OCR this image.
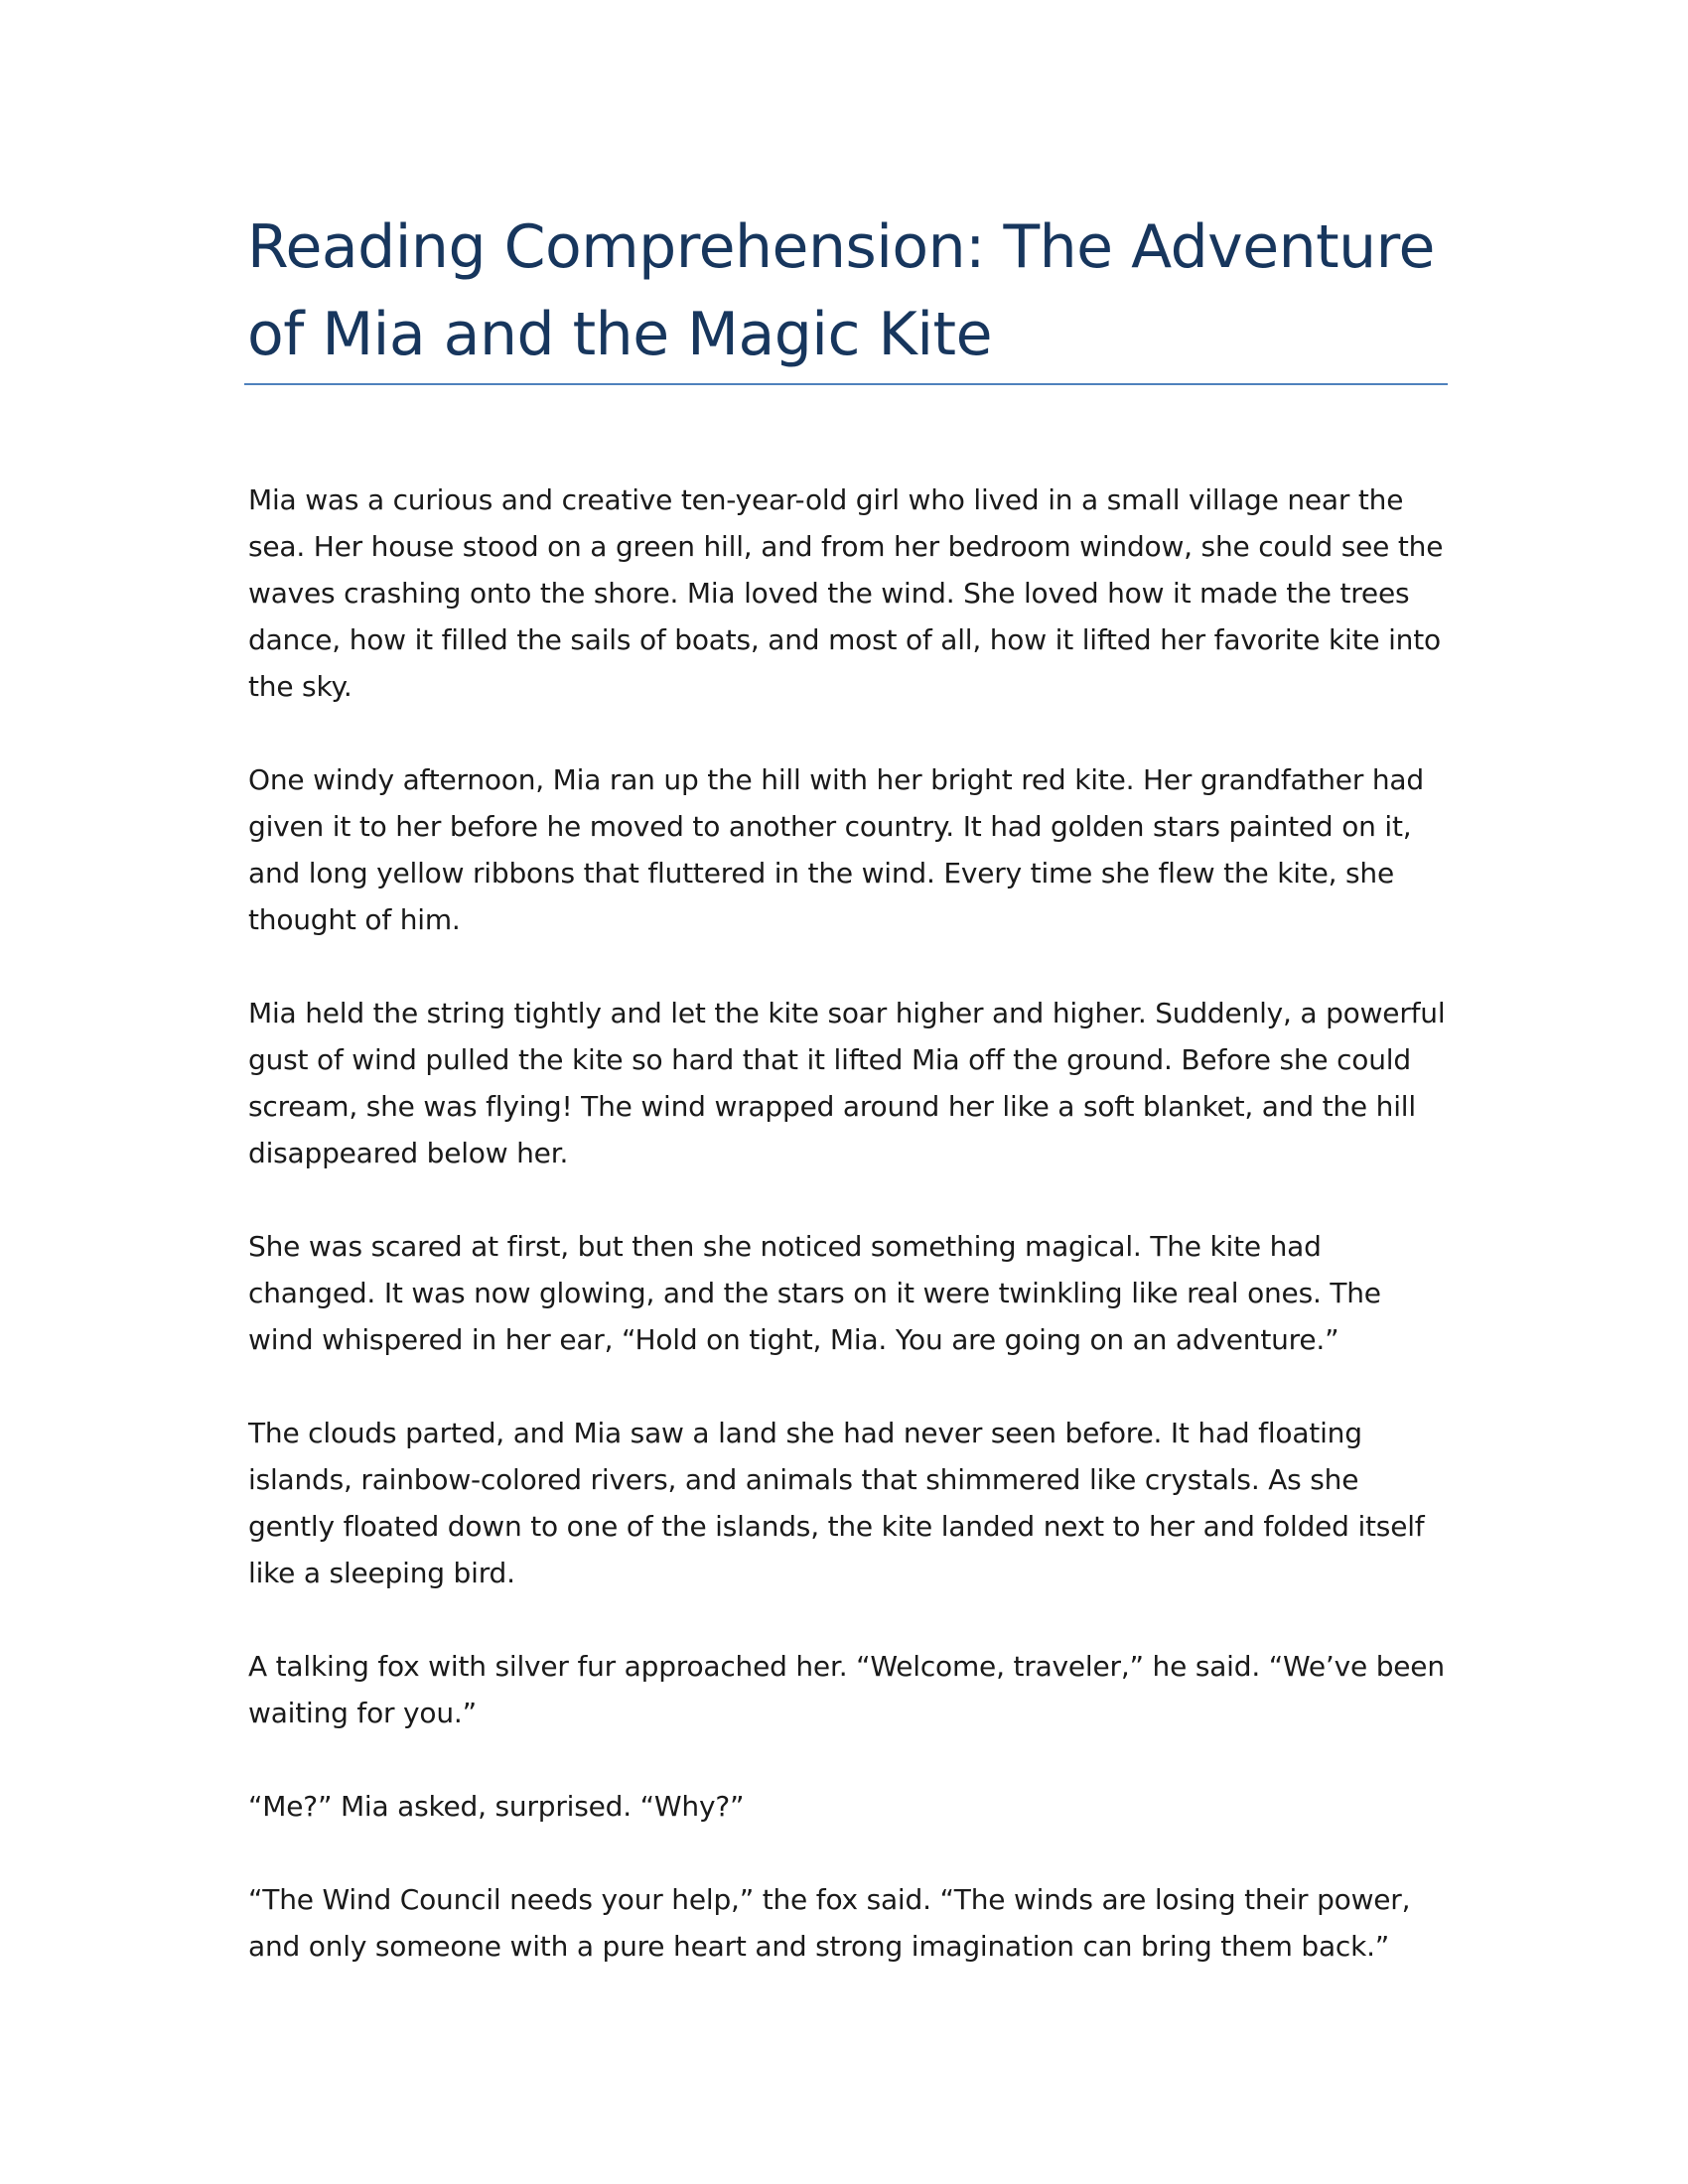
Reading Comprehension: The Adventure of Mia and the Magic Kite

Mia was a curious and creative ten-year-old girl who lived in a small village near the sea. Her house stood on a green hill, and from her bedroom window, she could see the waves crashing onto the shore. Mia loved the wind. She loved how it made the trees dance, how it filled the sails of boats, and most of all, how it lifted her favorite kite into the sky.

One windy afternoon, Mia ran up the hill with her bright red kite. Her grandfather had given it to her before he moved to another country. It had golden stars painted on it, and long yellow ribbons that fluttered in the wind. Every time she flew the kite, she thought of him.

Mia held the string tightly and let the kite soar higher and higher. Suddenly, a powerful gust of wind pulled the kite so hard that it lifted Mia off the ground. Before she could scream, she was flying! The wind wrapped around her like a soft blanket, and the hill disappeared below her.

She was scared at first, but then she noticed something magical. The kite had changed. It was now glowing, and the stars on it were twinkling like real ones. The wind whispered in her ear, “Hold on tight, Mia. You are going on an adventure.”

The clouds parted, and Mia saw a land she had never seen before. It had floating islands, rainbow-colored rivers, and animals that shimmered like crystals. As she gently floated down to one of the islands, the kite landed next to her and folded itself like a sleeping bird.

A talking fox with silver fur approached her. “Welcome, traveler,” he said. “We’ve been waiting for you.”

“Me?” Mia asked, surprised. “Why?”

“The Wind Council needs your help,” the fox said. “The winds are losing their power, and only someone with a pure heart and strong imagination can bring them back.”
